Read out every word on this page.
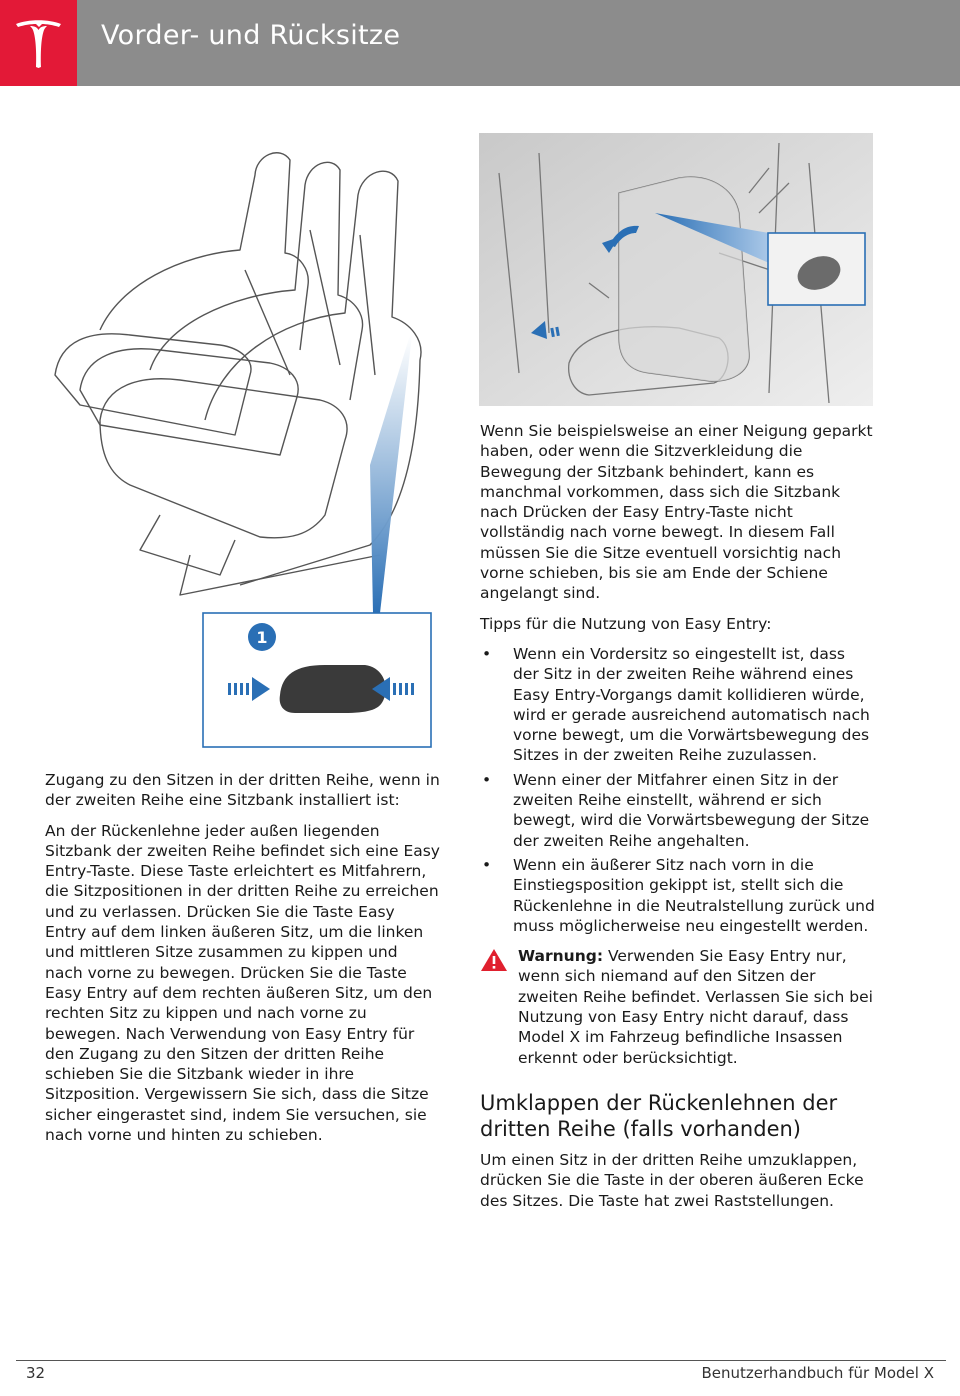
Vorder- und Rücksitze
1

Zugang zu den Sitzen in der dritten Reihe, wenn in der zweiten Reihe eine Sitzbank installiert ist:

An der Rückenlehne jeder außen liegenden Sitzbank der zweiten Reihe befindet sich eine Easy Entry-Taste. Diese Taste erleichtert es Mitfahrern, die Sitzpositionen in der dritten Reihe zu erreichen und zu verlassen. Drücken Sie die Taste Easy Entry auf dem linken äußeren Sitz, um die linken und mittleren Sitze zusammen zu kippen und nach vorne zu bewegen. Drücken Sie die Taste Easy Entry auf dem rechten äußeren Sitz, um den rechten Sitz zu kippen und nach vorne zu bewegen. Nach Verwendung von Easy Entry für den Zugang zu den Sitzen der dritten Reihe schieben Sie die Sitzbank wieder in ihre Sitzposition. Vergewissern Sie sich, dass die Sitze sicher eingerastet sind, indem Sie versuchen, sie nach vorne und hinten zu schieben.

Wenn Sie beispielsweise an einer Neigung geparkt haben, oder wenn die Sitzverkleidung die Bewegung der Sitzbank behindert, kann es manchmal vorkommen, dass sich die Sitzbank nach Drücken der Easy Entry-Taste nicht vollständig nach vorne bewegt. In diesem Fall müssen Sie die Sitze eventuell vorsichtig nach vorne schieben, bis sie am Ende der Schiene angelangt sind.

Tipps für die Nutzung von Easy Entry:

• Wenn ein Vordersitz so eingestellt ist, dass der Sitz in der zweiten Reihe während eines Easy Entry-Vorgangs damit kollidieren würde, wird er gerade ausreichend automatisch nach vorne bewegt, um die Vorwärtsbewegung des Sitzes in der zweiten Reihe zuzulassen.
• Wenn einer der Mitfahrer einen Sitz in der zweiten Reihe einstellt, während er sich bewegt, wird die Vorwärtsbewegung der Sitze der zweiten Reihe angehalten.
• Wenn ein äußerer Sitz nach vorn in die Einstiegsposition gekippt ist, stellt sich die Rückenlehne in die Neutralstellung zurück und muss möglicherweise neu eingestellt werden.
Warnung: Verwenden Sie Easy Entry nur, wenn sich niemand auf den Sitzen der zweiten Reihe befindet. Verlassen Sie sich bei Nutzung von Easy Entry nicht darauf, dass Model X im Fahrzeug befindliche Insassen erkennt oder berücksichtigt.
Umklappen der Rückenlehnen der dritten Reihe (falls vorhanden)

Um einen Sitz in der dritten Reihe umzuklappen, drücken Sie die Taste in der oberen äußeren Ecke des Sitzes. Die Taste hat zwei Raststellungen.

32	Benutzerhandbuch für Model X
